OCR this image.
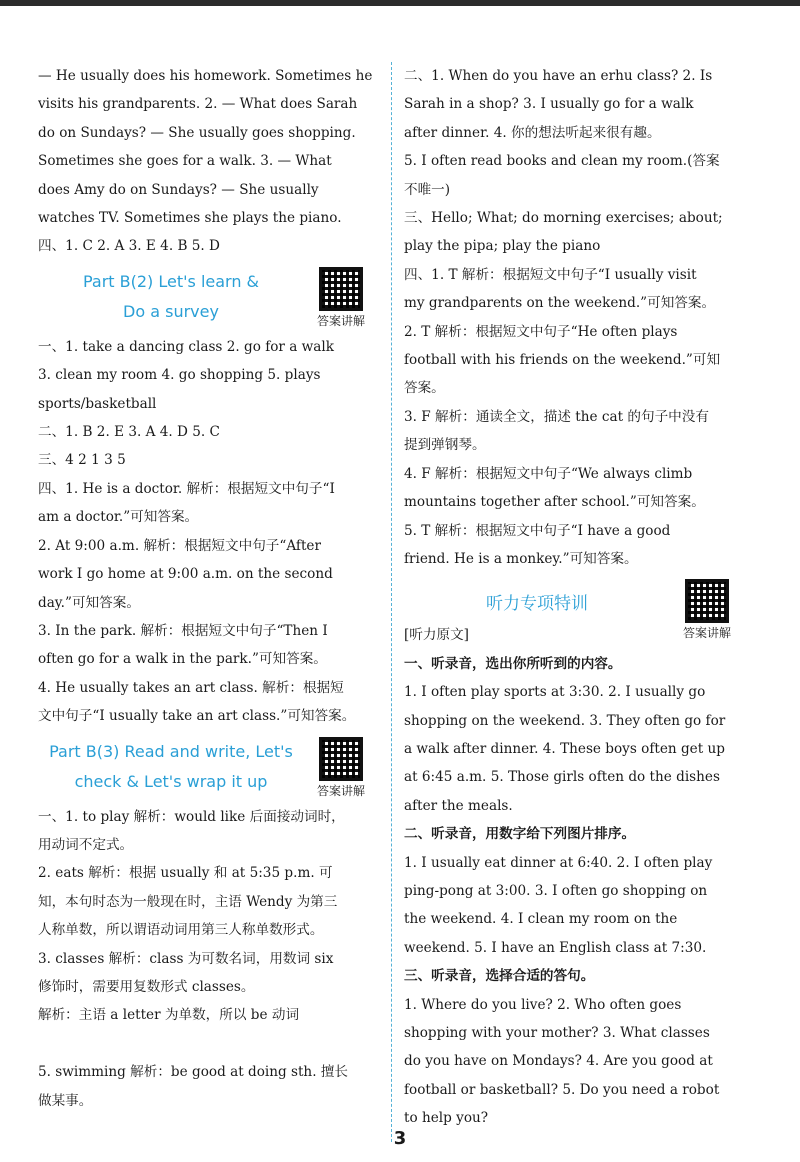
— He usually does his homework. Sometimes he
visits his grandparents. 2. — What does Sarah
do on Sundays? — She usually goes shopping.
Sometimes she goes for a walk. 3. — What
does Amy do on Sundays? — She usually
watches TV. Sometimes she plays the piano.
四、1. C 2. A 3. E 4. B 5. D
Part B(2) Let's learn &
Do a survey	答案讲解
一、1. take a dancing class 2. go for a walk
3. clean my room 4. go shopping 5. plays
sports/basketball
二、1. B 2. E 3. A 4. D 5. C
三、4 2 1 3 5
四、1. He is a doctor. 解析：根据短文中句子“I
am a doctor.”可知答案。
2. At 9:00 a.m. 解析：根据短文中句子“After
work I go home at 9:00 a.m. on the second
day.”可知答案。
3. In the park. 解析：根据短文中句子“Then I
often go for a walk in the park.”可知答案。
4. He usually takes an art class. 解析：根据短
文中句子“I usually take an art class.”可知答案。
Part B(3) Read and write, Let's
check & Let's wrap it up	答案讲解
一、1. to play 解析：would like 后面接动词时，
用动词不定式。
2. eats 解析：根据 usually 和 at 5:35 p.m. 可
知，本句时态为一般现在时，主语 Wendy 为第三
人称单数，所以谓语动词用第三人称单数形式。
3. classes 解析：class 为可数名词，用数词 six
修饰时，需要用复数形式 classes。
解析：主语 a letter 为单数，所以 be 动词

5. swimming 解析：be good at doing sth. 擅长
做某事。
二、1. When do you have an erhu class? 2. Is
Sarah in a shop? 3. I usually go for a walk
after dinner. 4. 你的想法听起来很有趣。
5. I often read books and clean my room.(答案
不唯一)
三、Hello; What; do morning exercises; about;
play the pipa; play the piano
四、1. T 解析：根据短文中句子“I usually visit
my grandparents on the weekend.”可知答案。
2. T 解析：根据短文中句子“He often plays
football with his friends on the weekend.”可知
答案。
3. F 解析：通读全文，描述 the cat 的句子中没有
提到弹钢琴。
4. F 解析：根据短文中句子“We always climb
mountains together after school.”可知答案。
5. T 解析：根据短文中句子“I have a good
friend. He is a monkey.”可知答案。
听力专项特训
答案讲解
[听力原文]
一、听录音，选出你所听到的内容。
1. I often play sports at 3:30. 2. I usually go
shopping on the weekend. 3. They often go for
a walk after dinner. 4. These boys often get up
at 6:45 a.m. 5. Those girls often do the dishes
after the meals.
二、听录音，用数字给下列图片排序。
1. I usually eat dinner at 6:40. 2. I often play
ping-pong at 3:00. 3. I often go shopping on
the weekend. 4. I clean my room on the
weekend. 5. I have an English class at 7:30.
三、听录音，选择合适的答句。
1. Where do you live? 2. Who often goes
shopping with your mother? 3. What classes
do you have on Mondays? 4. Are you good at
football or basketball? 5. Do you need a robot
to help you?
3
